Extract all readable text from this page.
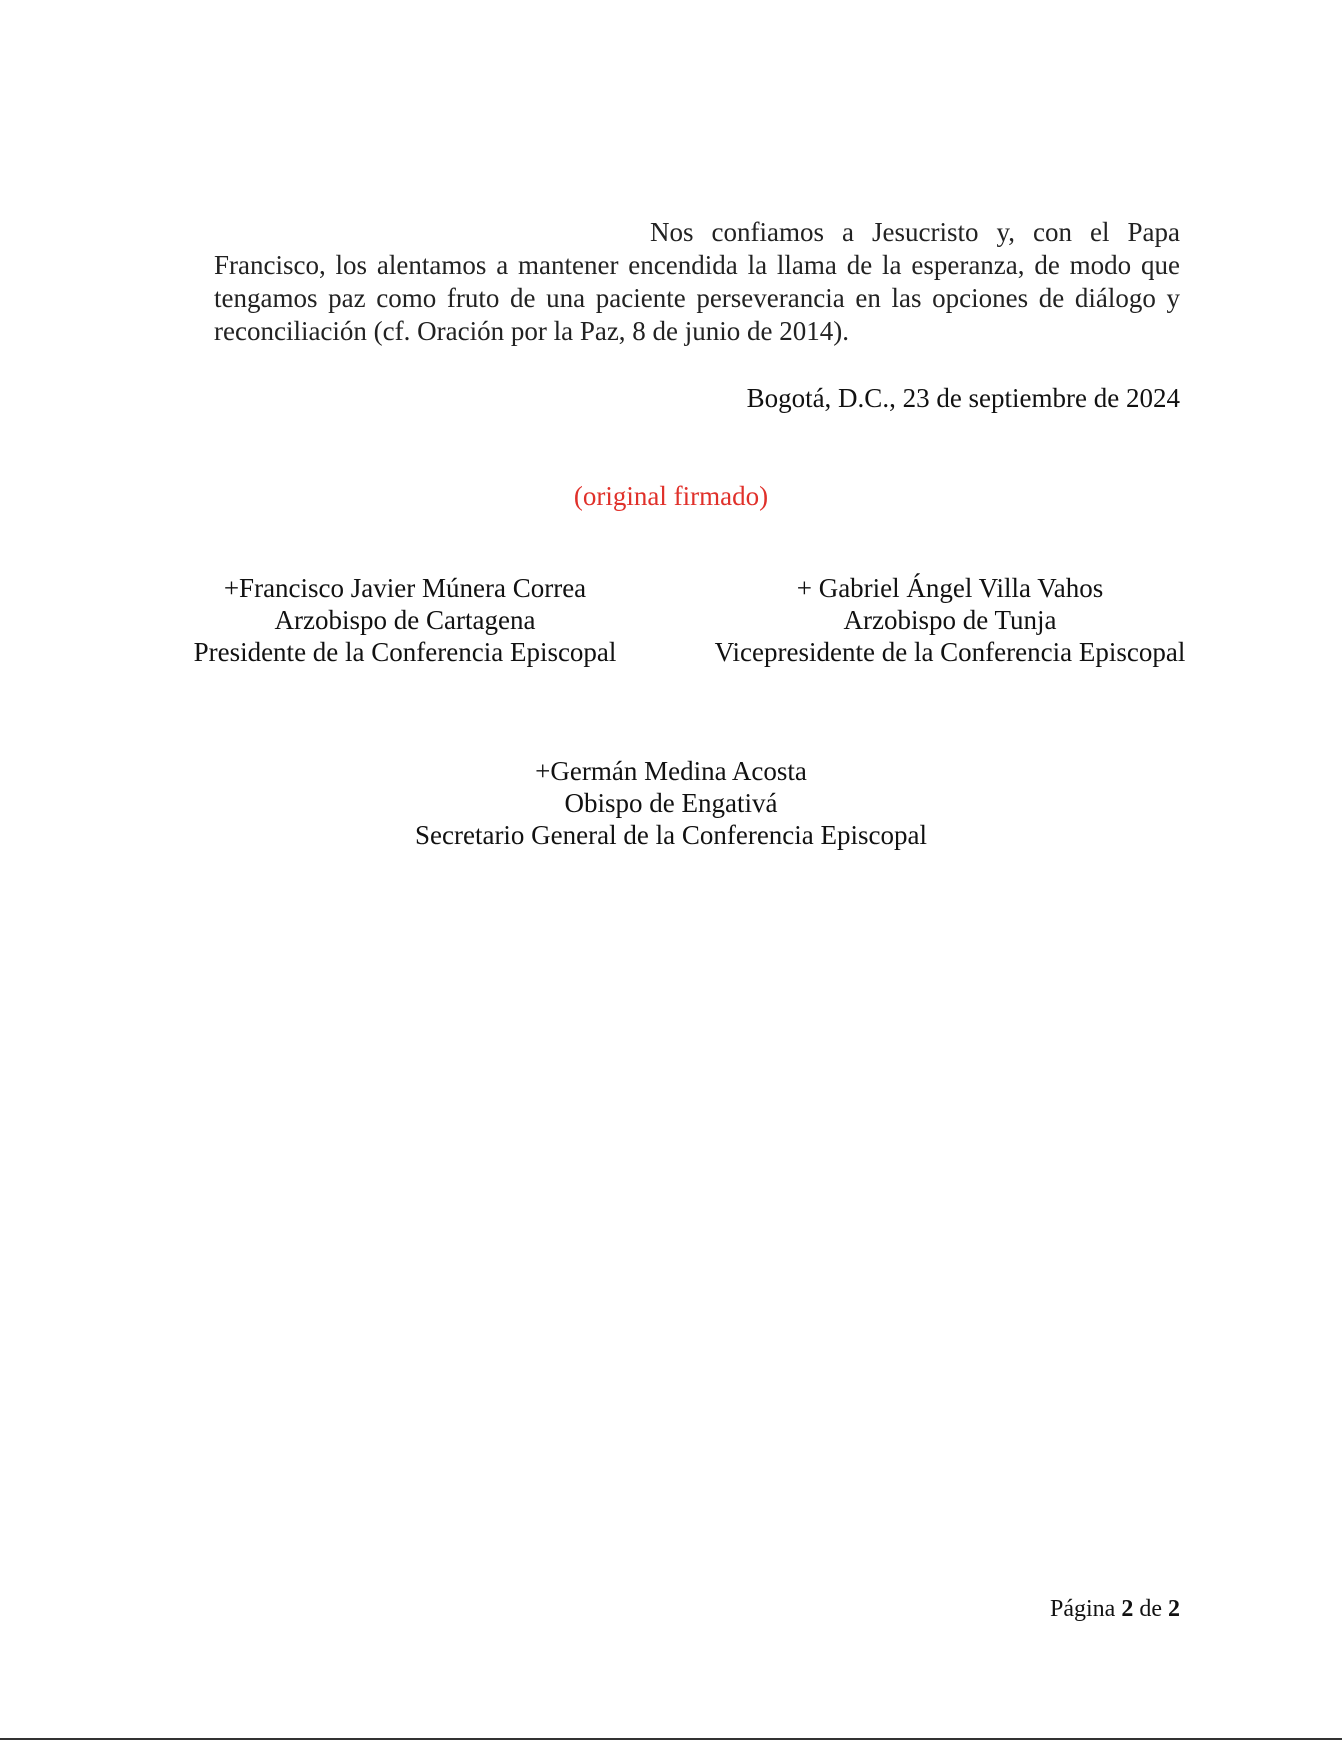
Nos confiamos a Jesucristo y, con el Papa Francisco, los alentamos a mantener encendida la llama de la esperanza, de modo que tengamos paz como fruto de una paciente perseverancia en las opciones de diálogo y reconciliación (cf. Oración por la Paz, 8 de junio de 2014).

Bogotá, D.C., 23 de septiembre de 2024
(original firmado)
+Francisco Javier Múnera Correa
Arzobispo de Cartagena
Presidente de la Conferencia Episcopal
+ Gabriel Ángel Villa Vahos
Arzobispo de Tunja
Vicepresidente de la Conferencia Episcopal
+Germán Medina Acosta
Obispo de Engativá
Secretario General de la Conferencia Episcopal
Página 2 de 2
